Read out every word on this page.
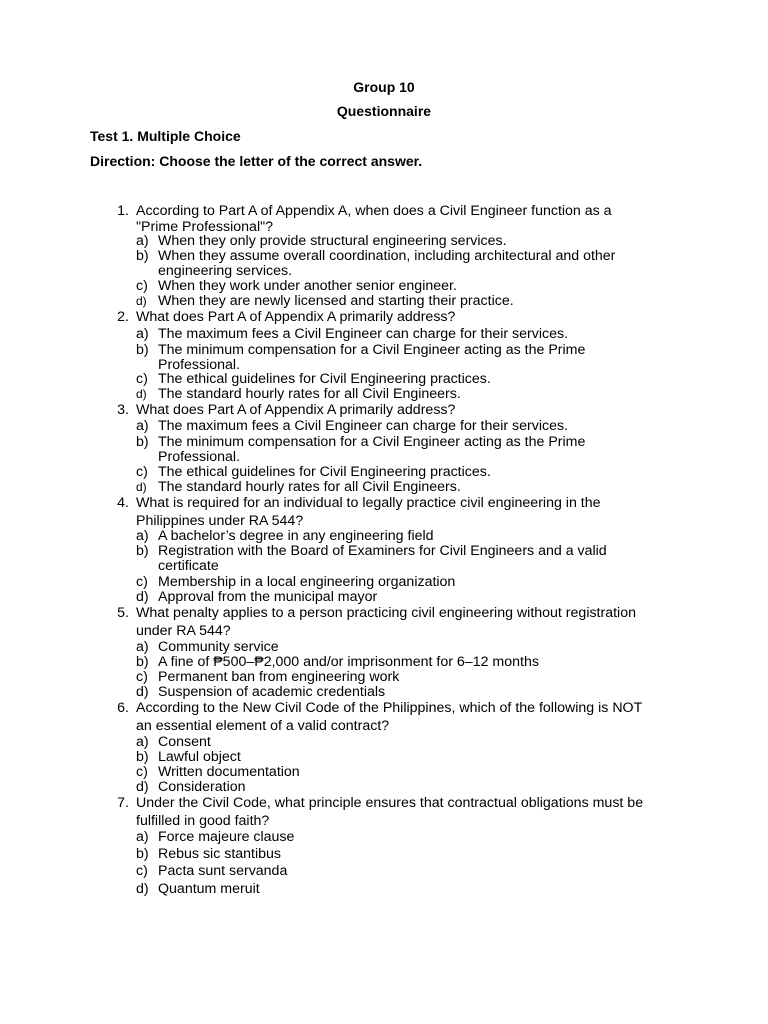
Group 10
Questionnaire
Test 1. Multiple Choice
Direction: Choose the letter of the correct answer.
1. According to Part A of Appendix A, when does a Civil Engineer function as a
"Prime Professional"?
a) When they only provide structural engineering services.
b) When they assume overall coordination, including architectural and other
engineering services.
c) When they work under another senior engineer.
d) When they are newly licensed and starting their practice.
2. What does Part A of Appendix A primarily address?
a) The maximum fees a Civil Engineer can charge for their services.
b) The minimum compensation for a Civil Engineer acting as the Prime
Professional.
c) The ethical guidelines for Civil Engineering practices.
d) The standard hourly rates for all Civil Engineers.
3. What does Part A of Appendix A primarily address?
a) The maximum fees a Civil Engineer can charge for their services.
b) The minimum compensation for a Civil Engineer acting as the Prime
Professional.
c) The ethical guidelines for Civil Engineering practices.
d) The standard hourly rates for all Civil Engineers.
4. What is required for an individual to legally practice civil engineering in the
Philippines under RA 544?
a) A bachelor’s degree in any engineering field
b) Registration with the Board of Examiners for Civil Engineers and a valid
certificate
c) Membership in a local engineering organization
d) Approval from the municipal mayor
5. What penalty applies to a person practicing civil engineering without registration
under RA 544?
a) Community service
b) A fine of ₱500–₱2,000 and/or imprisonment for 6–12 months
c) Permanent ban from engineering work
d) Suspension of academic credentials
6. According to the New Civil Code of the Philippines, which of the following is NOT
an essential element of a valid contract?
a) Consent
b) Lawful object
c) Written documentation
d) Consideration
7. Under the Civil Code, what principle ensures that contractual obligations must be
fulfilled in good faith?
a) Force majeure clause
b) Rebus sic stantibus
c) Pacta sunt servanda
d) Quantum meruit
